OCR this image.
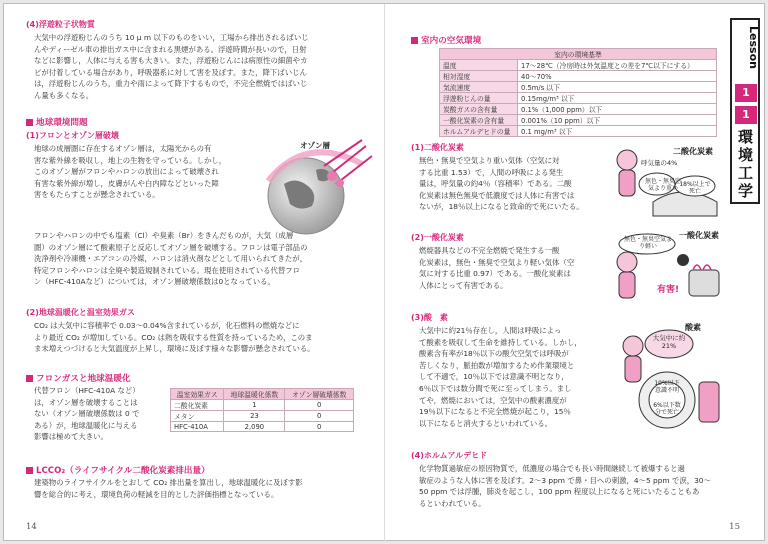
(4)浮遊粒子状物質
大気中の浮遊粉じんのうち 10 μ m 以下のものをいい，工場から排出されるばいじ
んやディーゼル車の排出ガス中に含まれる黒煙がある。浮遊時間が長いので，日射
などに影響し，人体に与える害も大きい。また，浮遊粉じんには病原性の細菌やカ
ビが付着している場合があり，呼吸器系に対して害を及ぼす。また，降下ばいじん
は，浮遊粉じんのうち，重力や雨によって降下するもので，不完全燃焼ではばいじ
ん量も多くなる。
地球環境問題
(1)フロンとオゾン層破壊
地球の成層圏に存在するオゾン層は，太陽光からの有
害な紫外線を吸収し，地上の生物を守っている。しかし，
このオゾン層がフロンやハロンの放出によって破壊され
有害な紫外線が増し，皮膚がんや白内障などといった障
害をもたらすことが懸念されている。
オゾン層
フロンやハロンの中でも塩素（Cl）や臭素（Br）をきんだものが，大気（成層
圏）のオゾン層にて酸素原子と反応してオゾン層を破壊する。フロンは電子部品の
洗浄剤や冷凍機・エアコンの冷媒，ハロンは消火剤などとして用いられてきたが，
特定フロンやハロンは全廃や製造規制されている。現在使用されている代替フロ
ン（HFC-410Aなど）については，オゾン層破壊係数は0となっている。
(2)地球温暖化と温室効果ガス
CO₂ は大気中に容積率で 0.03〜0.04%含まれているが，化石燃料の燃焼などに
より最近 CO₂ が増加している。CO₂ は熱を吸収する性質を持っているため，このま
ま未増えつづけると大気温度が上昇し，環境に及ぼす様々な影響が懸念されている。
フロンガスと地球温暖化
代替フロン（HFC-410A など）
は，オゾン層を破壊することは
ない（オゾン層破壊係数は 0 で
ある）が，地球温暖化に与える
影響は極めて大きい。
温室効果ガス	地球温暖化係数	オゾン層破壊係数
二酸化炭素	1	0
メタン	23	0
HFC-410A	2,090	0
LCCO₂（ライフサイクル二酸化炭素排出量）
建築物のライフサイクルをとおして CO₂ 排出量を算出し，地球温暖化に及ぼす影
響を総合的に考え，環境負荷の軽減を目的とした評価指標となっている。
14
室内の空気環境
室内の環境基準	
温度	17〜28℃（冷房時は外気温度との差を7℃以下にする）
相対湿度	40〜70%
気流速度	0.5m/s 以下
浮遊粉じんの量	0.15mg/m³ 以下
炭酸ガスの含有量	0.1%（1,000 ppm）以下
一酸化炭素の含有量	0.001%（10 ppm）以下
ホルムアルデヒドの量	0.1 mg/m³ 以下
(1)二酸化炭素
無色・無臭で空気より重い気体（空気に対
する比重 1.53）で，人間の呼吸による発生
量は，呼気量の約4％（容積率）である。二酸
化炭素は無色無臭で低濃度では人体に有害では
ないが，18％以上になると致命的で死にいたる。
二酸化炭素
呼気量の4%
無色・無臭空気より重い
18%以上で死亡
(2)一酸化炭素
燃焼器具などの不完全燃焼で発生する一酸
化炭素は，無色・無臭で空気より軽い気体（空
気に対する比重 0.97）である。一酸化炭素は
人体にとって有害である。
一酸化炭素
無色・無臭空気より軽い
有害!
(3)酸　素
大気中に約21％存在し，人間は呼吸によっ
て酸素を吸収して生命を維持している。しかし，
酸素含有率が18％以下の酸欠空気では呼吸が
苦しくなり，脈拍数が増加するため作業環境と
して不適で，10％以下では意識不明となり，
6％以下では数分間で死に至ってしまう。まし
てや，燃焼においては，空気中の酸素濃度が
19％以下になると不完全燃焼が起こり，15％
以下になると消火するといわれている。
酸素
大気中に約21%
10%以下意識不明
6%以下数分で死亡
(4)ホルムアルデヒド
化学物質過敏症の原因物質で，低濃度の場合でも長い時間継続して被爆すると過
敏症のような人体に害を及ぼす。2〜3 ppm で鼻・目への刺激，4〜5 ppm で涙，30〜
50 ppm では浮腫，肺炎を起こし，100 ppm 程度以上になると死にいたることもあ
るといわれている。
Lesson
1
1
環境工学
15
